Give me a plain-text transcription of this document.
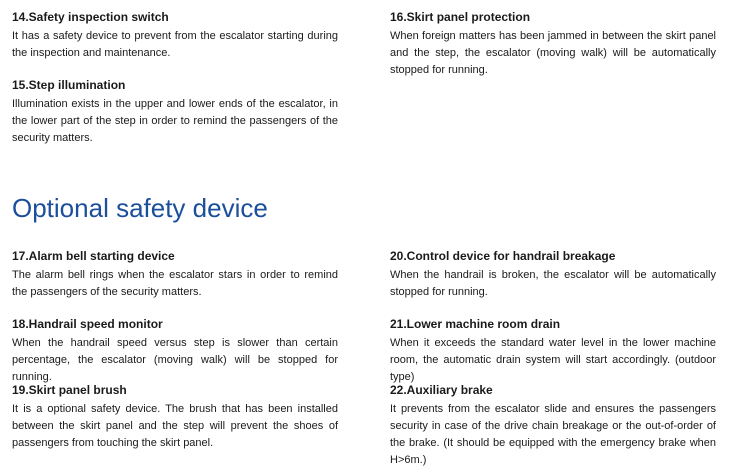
14.Safety inspection switch

It has a safety device to prevent from the escalator starting during the inspection and maintenance.

15.Step illumination

Illumination exists in the upper and lower ends of the escalator, in the lower part of the step in order to remind the passengers of the security matters.

16.Skirt panel protection

When foreign matters has been jammed in between the skirt panel and the step, the escalator (moving walk) will be automatically stopped for running.

Optional safety device
17.Alarm bell starting device

The alarm bell rings when the escalator stars in order to remind the passengers of the security matters.

18.Handrail speed monitor

When the handrail speed versus step is slower than certain percentage, the escalator (moving walk) will be stopped for running.

19.Skirt panel brush

It is a optional safety device. The brush that has been installed between the skirt panel and the step will prevent the shoes of passengers from touching the skirt panel.

20.Control device for handrail breakage

When the handrail is broken, the escalator will be automatically stopped for running.

21.Lower machine room drain

When it exceeds the standard water level in the lower machine room, the automatic drain system will start accordingly. (outdoor type)

22.Auxiliary brake

It prevents from the escalator slide and ensures the passengers security in case of the drive chain breakage or the out-of-order of the brake. (It should be equipped with the emergency brake when H>6m.)
